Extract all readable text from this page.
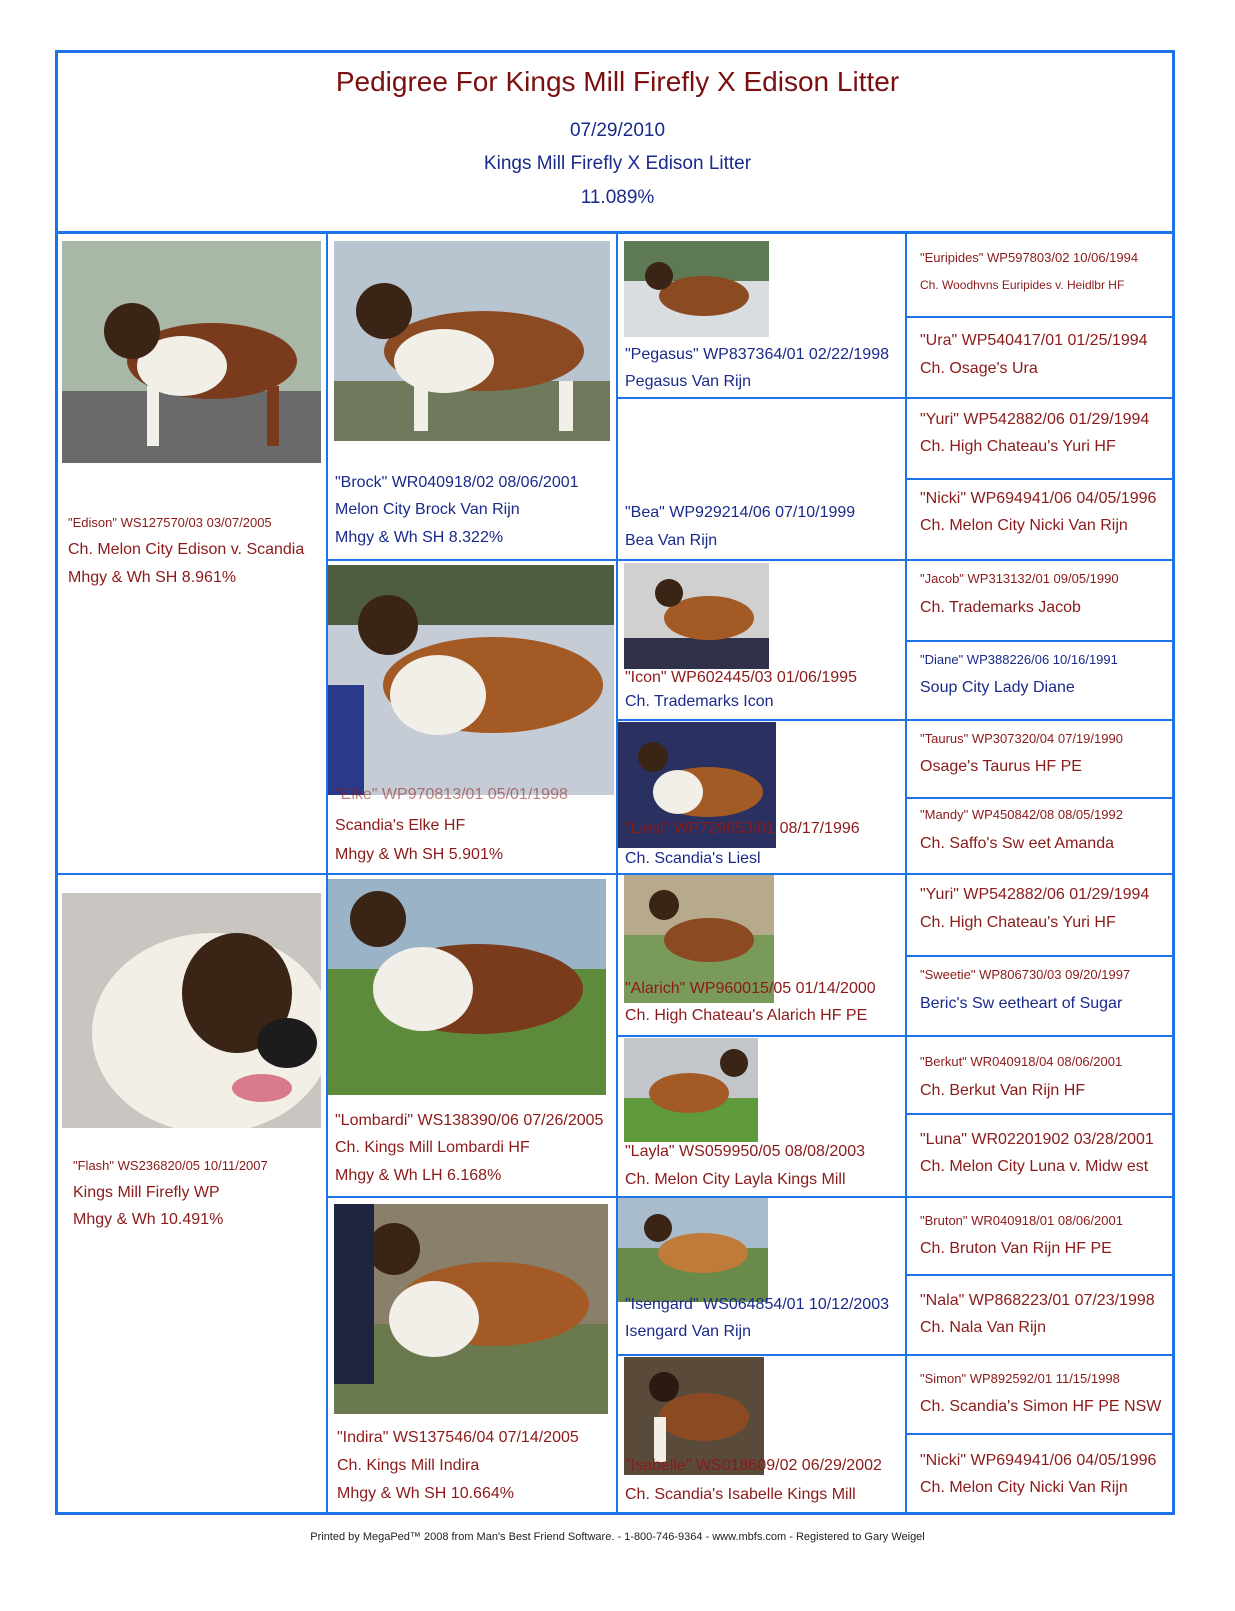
Pedigree For Kings Mill Firefly X Edison Litter
07/29/2010
Kings Mill Firefly X Edison Litter
11.089%
"Edison" WS127570/03 03/07/2005
Ch. Melon City Edison v. Scandia
Mhgy & Wh SH 8.961%
"Flash" WS236820/05 10/11/2007
Kings Mill Firefly WP
Mhgy & Wh 10.491%
"Brock" WR040918/02 08/06/2001
Melon City Brock Van Rijn
Mhgy & Wh SH 8.322%
"Elke" WP970813/01 05/01/1998
Scandia's Elke HF
Mhgy & Wh SH 5.901%
"Lombardi" WS138390/06 07/26/2005
Ch. Kings Mill Lombardi HF
Mhgy & Wh LH 6.168%
"Indira" WS137546/04 07/14/2005
Ch. Kings Mill Indira
Mhgy & Wh SH 10.664%
"Pegasus" WP837364/01 02/22/1998
Pegasus Van Rijn
"Bea" WP929214/06 07/10/1999
Bea Van Rijn
"Icon" WP602445/03 01/06/1995
Ch. Trademarks Icon
"Liesl" WP729653/01 08/17/1996
Ch. Scandia's Liesl
"Alarich" WP960015/05 01/14/2000
Ch. High Chateau's Alarich HF PE
"Layla" WS059950/05 08/08/2003
Ch. Melon City Layla Kings Mill
"Isengard" WS064854/01 10/12/2003
Isengard Van Rijn
"Isabelle" WS018609/02 06/29/2002
Ch. Scandia's Isabelle Kings Mill
"Euripides" WP597803/02 10/06/1994
Ch. Woodhvns Euripides v. Heidlbr HF
"Ura" WP540417/01 01/25/1994
Ch. Osage's Ura
"Yuri" WP542882/06 01/29/1994
Ch. High Chateau's Yuri HF
"Nicki" WP694941/06 04/05/1996
Ch. Melon City Nicki Van Rijn
"Jacob" WP313132/01 09/05/1990
Ch. Trademarks Jacob
"Diane" WP388226/06 10/16/1991
Soup City Lady Diane
"Taurus" WP307320/04 07/19/1990
Osage's Taurus HF PE
"Mandy" WP450842/08 08/05/1992
Ch. Saffo's Sw eet Amanda
"Yuri" WP542882/06 01/29/1994
Ch. High Chateau's Yuri HF
"Sweetie" WP806730/03 09/20/1997
Beric's Sw eetheart of Sugar
"Berkut" WR040918/04 08/06/2001
Ch. Berkut Van Rijn HF
"Luna" WR02201902 03/28/2001
Ch. Melon City Luna v. Midw est
"Bruton" WR040918/01 08/06/2001
Ch. Bruton Van Rijn HF PE
"Nala" WP868223/01 07/23/1998
Ch. Nala Van Rijn
"Simon" WP892592/01 11/15/1998
Ch. Scandia's Simon HF PE NSW
"Nicki" WP694941/06 04/05/1996
Ch. Melon City Nicki Van Rijn
Printed by MegaPed™ 2008 from Man's Best Friend Software. - 1-800-746-9364 - www.mbfs.com - Registered to Gary Weigel
